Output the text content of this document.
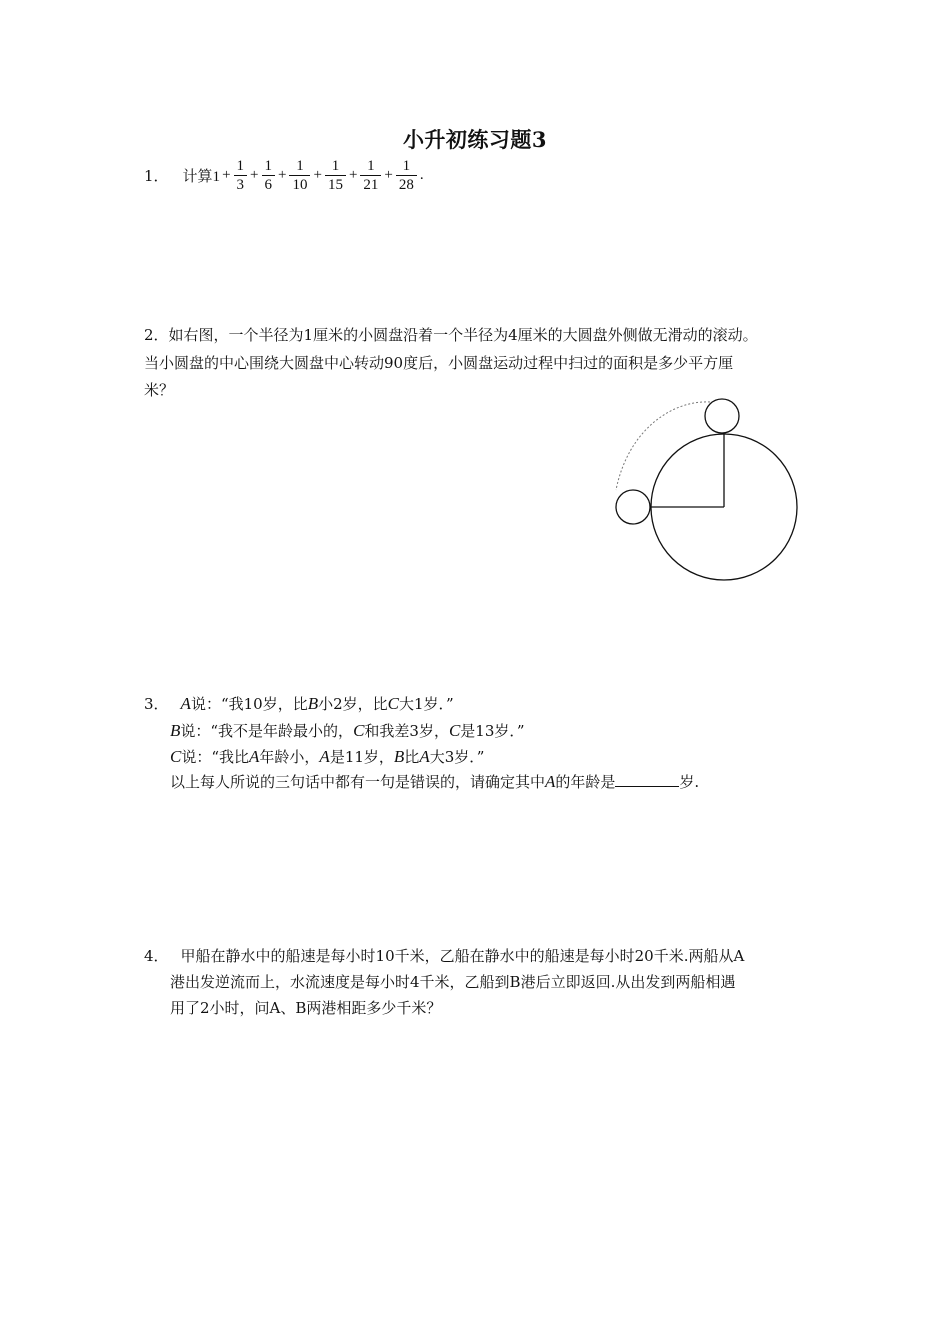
小升初练习题3
1． 计算$1 + \frac{1}{3} + \frac{1}{6} + \frac{1}{10} + \frac{1}{15} + \frac{1}{21} + \frac{1}{28}$ .
2．如右图，一个半径为1厘米的小圆盘沿着一个半径为4厘米的大圆盘外侧做无滑动的滚动。
当小圆盘的中心围绕大圆盘中心转动90度后，小圆盘运动过程中扫过的面积是多少平方厘
米？
3． A说：“我10岁，比B小2岁，比C大1岁．”
B说：“我不是年龄最小的，C和我差3岁，C是13岁．”
C说：“我比A年龄小，A是11岁，B比A大3岁．”
以上每人所说的三句话中都有一句是错误的，请确定其中A的年龄是	岁.
4． 甲船在静水中的船速是每小时10千米，乙船在静水中的船速是每小时20千米.两船从A
港出发逆流而上，水流速度是每小时4千米，乙船到B港后立即返回.从出发到两船相遇
用了2小时，问A、B两港相距多少千米？
